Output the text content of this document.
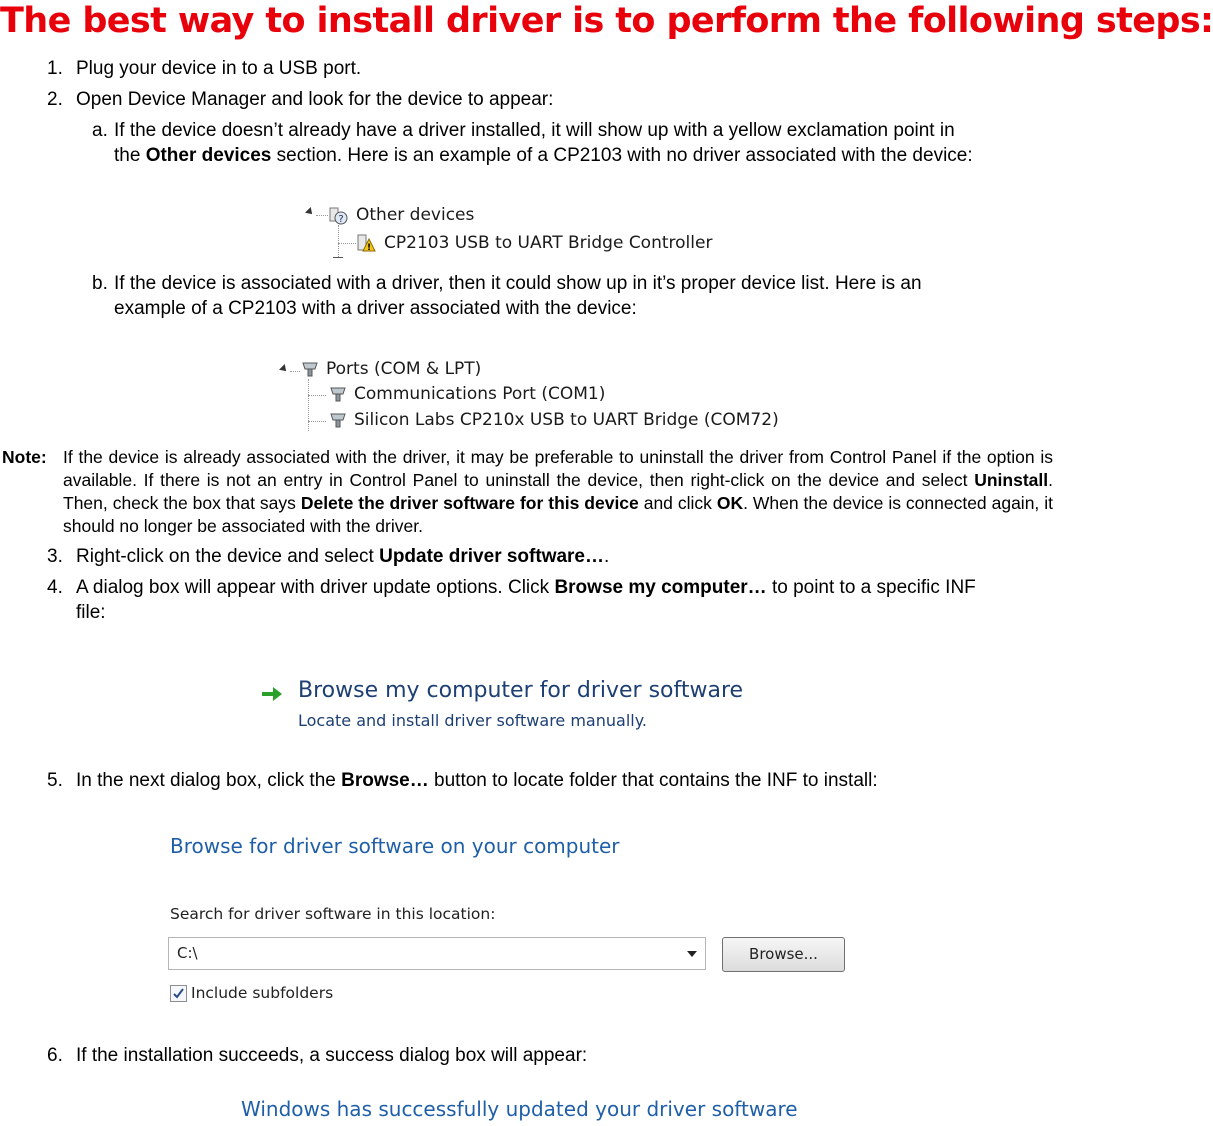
The best way to install driver is to perform the following steps:
1. Plug your device in to a USB port.
2. Open Device Manager and look for the device to appear:
a. If the device doesn’t already have a driver installed, it will show up with a yellow exclamation point in
the Other devices section. Here is an example of a CP2103 with no driver associated with the device:
? Other devices
! CP2103 USB to UART Bridge Controller
b. If the device is associated with a driver, then it could show up in it’s proper device list. Here is an
example of a CP2103 with a driver associated with the device:
Ports (COM & LPT)
Communications Port (COM1)
Silicon Labs CP210x USB to UART Bridge (COM72)
Note: If the device is already associated with the driver, it may be preferable to uninstall the driver from Control Panel if the option is available. If there is not an entry in Control Panel to uninstall the device, then right-click on the device and select Uninstall. Then, check the box that says Delete the driver software for this device and click OK. When the device is connected again, it should no longer be associated with the driver.
3. Right-click on the device and select Update driver software….
4. A dialog box will appear with driver update options. Click Browse my computer… to point to a specific INF
file:
Browse my computer for driver software
Locate and install driver software manually.
5. In the next dialog box, click the Browse… button to locate folder that contains the INF to install:
Browse for driver software on your computer
Search for driver software in this location:
C:\	Browse...
Include subfolders
6. If the installation succeeds, a success dialog box will appear:
Windows has successfully updated your driver software
